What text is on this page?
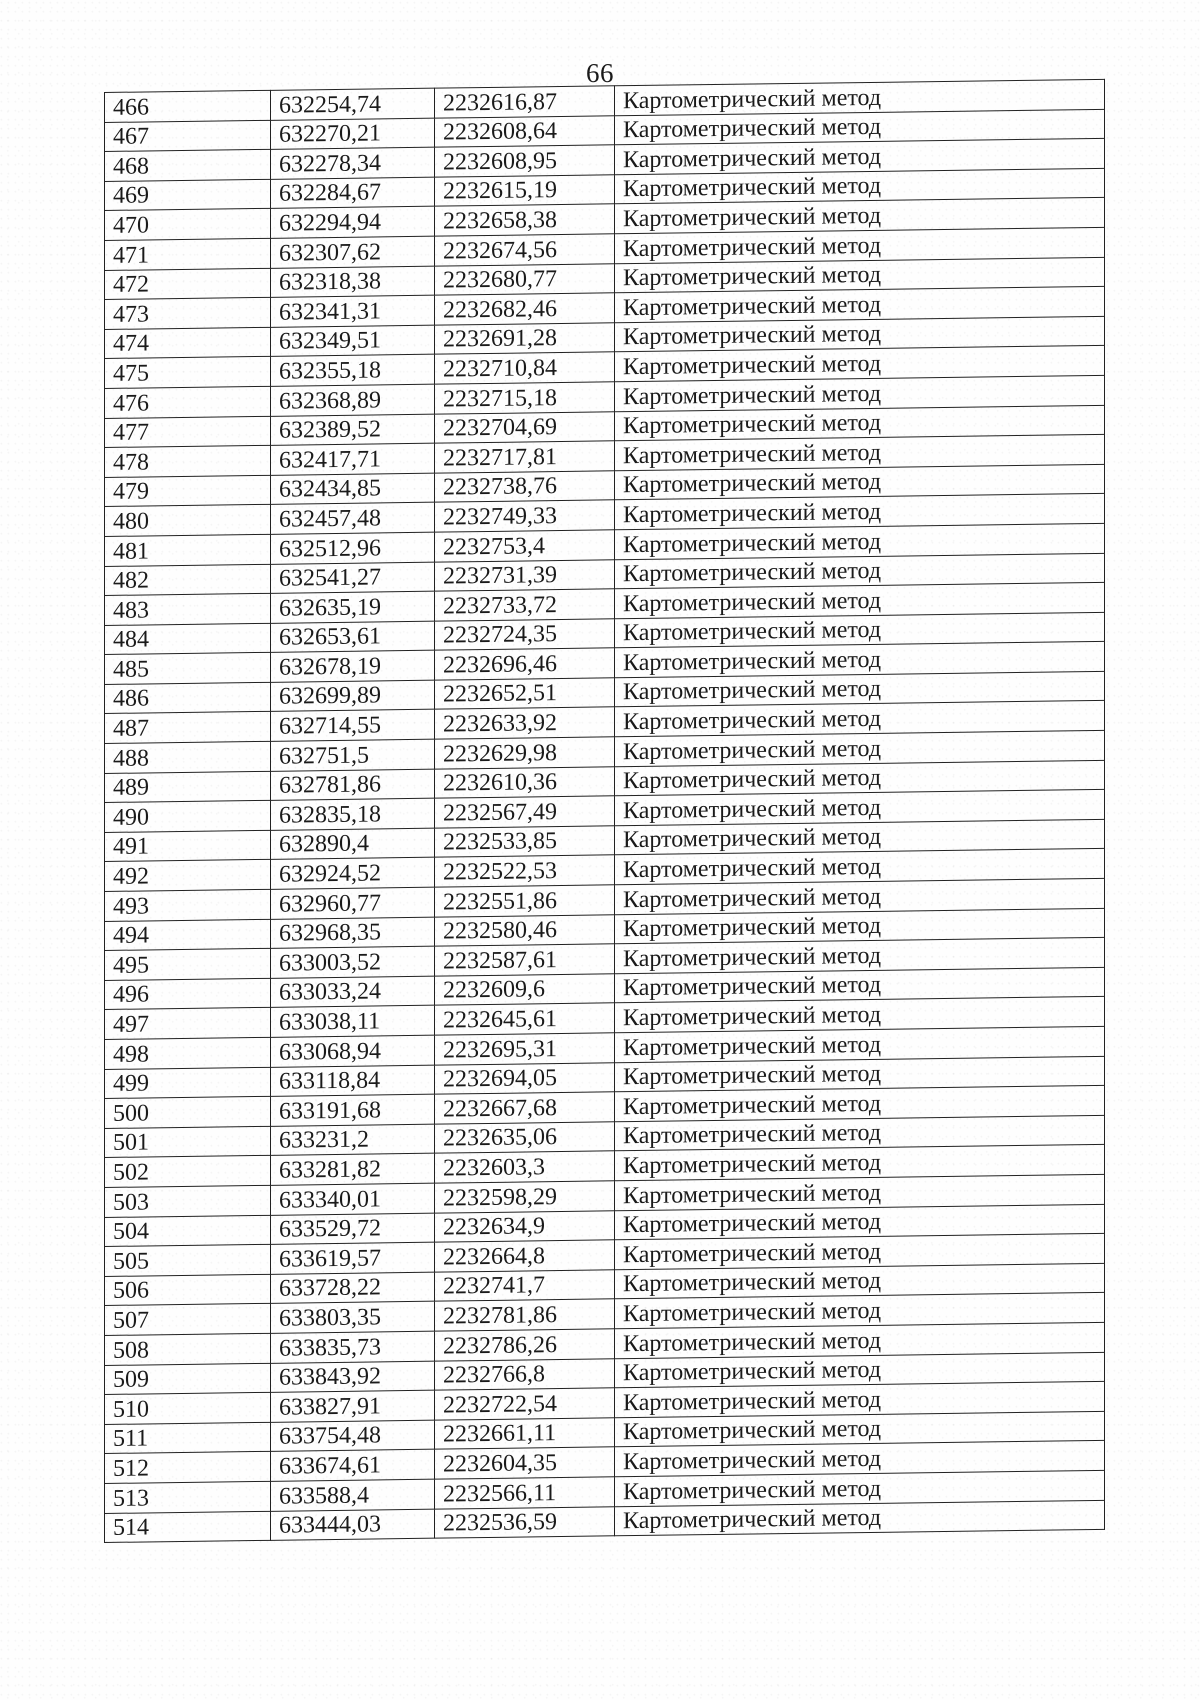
66
466	632254,74	2232616,87	Картометрический метод
467	632270,21	2232608,64	Картометрический метод
468	632278,34	2232608,95	Картометрический метод
469	632284,67	2232615,19	Картометрический метод
470	632294,94	2232658,38	Картометрический метод
471	632307,62	2232674,56	Картометрический метод
472	632318,38	2232680,77	Картометрический метод
473	632341,31	2232682,46	Картометрический метод
474	632349,51	2232691,28	Картометрический метод
475	632355,18	2232710,84	Картометрический метод
476	632368,89	2232715,18	Картометрический метод
477	632389,52	2232704,69	Картометрический метод
478	632417,71	2232717,81	Картометрический метод
479	632434,85	2232738,76	Картометрический метод
480	632457,48	2232749,33	Картометрический метод
481	632512,96	2232753,4	Картометрический метод
482	632541,27	2232731,39	Картометрический метод
483	632635,19	2232733,72	Картометрический метод
484	632653,61	2232724,35	Картометрический метод
485	632678,19	2232696,46	Картометрический метод
486	632699,89	2232652,51	Картометрический метод
487	632714,55	2232633,92	Картометрический метод
488	632751,5	2232629,98	Картометрический метод
489	632781,86	2232610,36	Картометрический метод
490	632835,18	2232567,49	Картометрический метод
491	632890,4	2232533,85	Картометрический метод
492	632924,52	2232522,53	Картометрический метод
493	632960,77	2232551,86	Картометрический метод
494	632968,35	2232580,46	Картометрический метод
495	633003,52	2232587,61	Картометрический метод
496	633033,24	2232609,6	Картометрический метод
497	633038,11	2232645,61	Картометрический метод
498	633068,94	2232695,31	Картометрический метод
499	633118,84	2232694,05	Картометрический метод
500	633191,68	2232667,68	Картометрический метод
501	633231,2	2232635,06	Картометрический метод
502	633281,82	2232603,3	Картометрический метод
503	633340,01	2232598,29	Картометрический метод
504	633529,72	2232634,9	Картометрический метод
505	633619,57	2232664,8	Картометрический метод
506	633728,22	2232741,7	Картометрический метод
507	633803,35	2232781,86	Картометрический метод
508	633835,73	2232786,26	Картометрический метод
509	633843,92	2232766,8	Картометрический метод
510	633827,91	2232722,54	Картометрический метод
511	633754,48	2232661,11	Картометрический метод
512	633674,61	2232604,35	Картометрический метод
513	633588,4	2232566,11	Картометрический метод
514	633444,03	2232536,59	Картометрический метод
